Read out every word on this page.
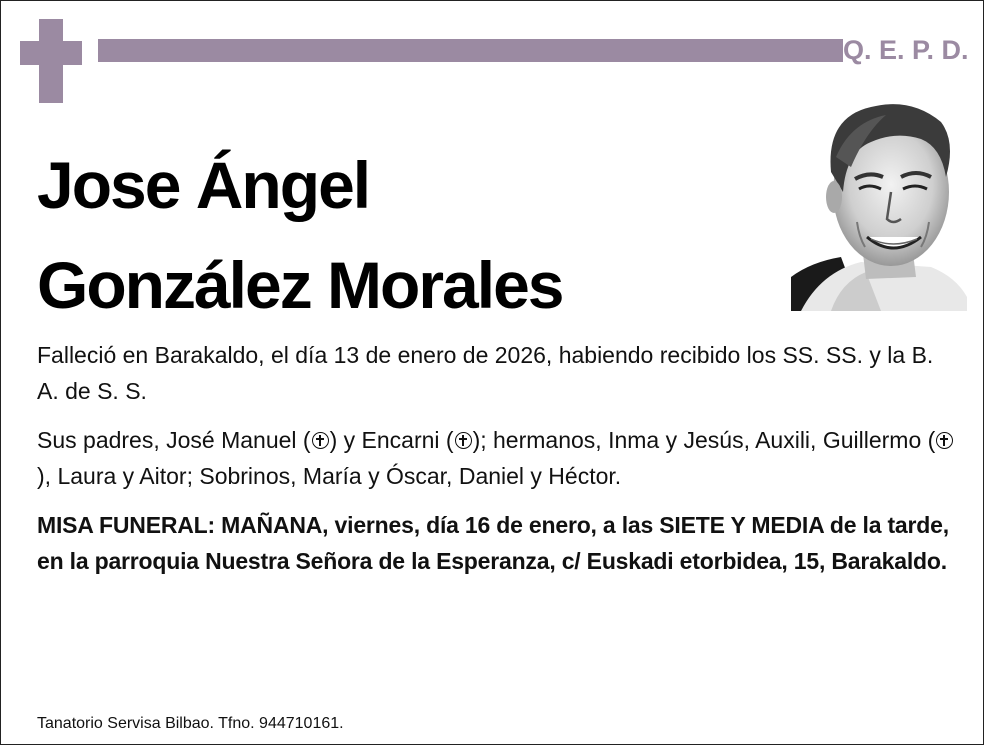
Q. E. P. D.
Jose Ángel
González Morales
Falleció en Barakaldo, el día 13 de enero de 2026, habiendo recibido los SS. SS. y la B. A. de S. S.
Sus padres, José Manuel ( ) y Encarni ( ); hermanos, Inma y Jesús, Auxili, Guillermo (), Laura y Aitor; Sobrinos, María y Óscar, Daniel y Héctor.
MISA FUNERAL: MAÑANA, viernes, día 16 de enero, a las SIETE Y MEDIA de la tarde, en la parroquia Nuestra Señora de la Esperanza, c/ Euskadi etorbidea, 15, Barakaldo.
Tanatorio Servisa Bilbao. Tfno. 944710161.
